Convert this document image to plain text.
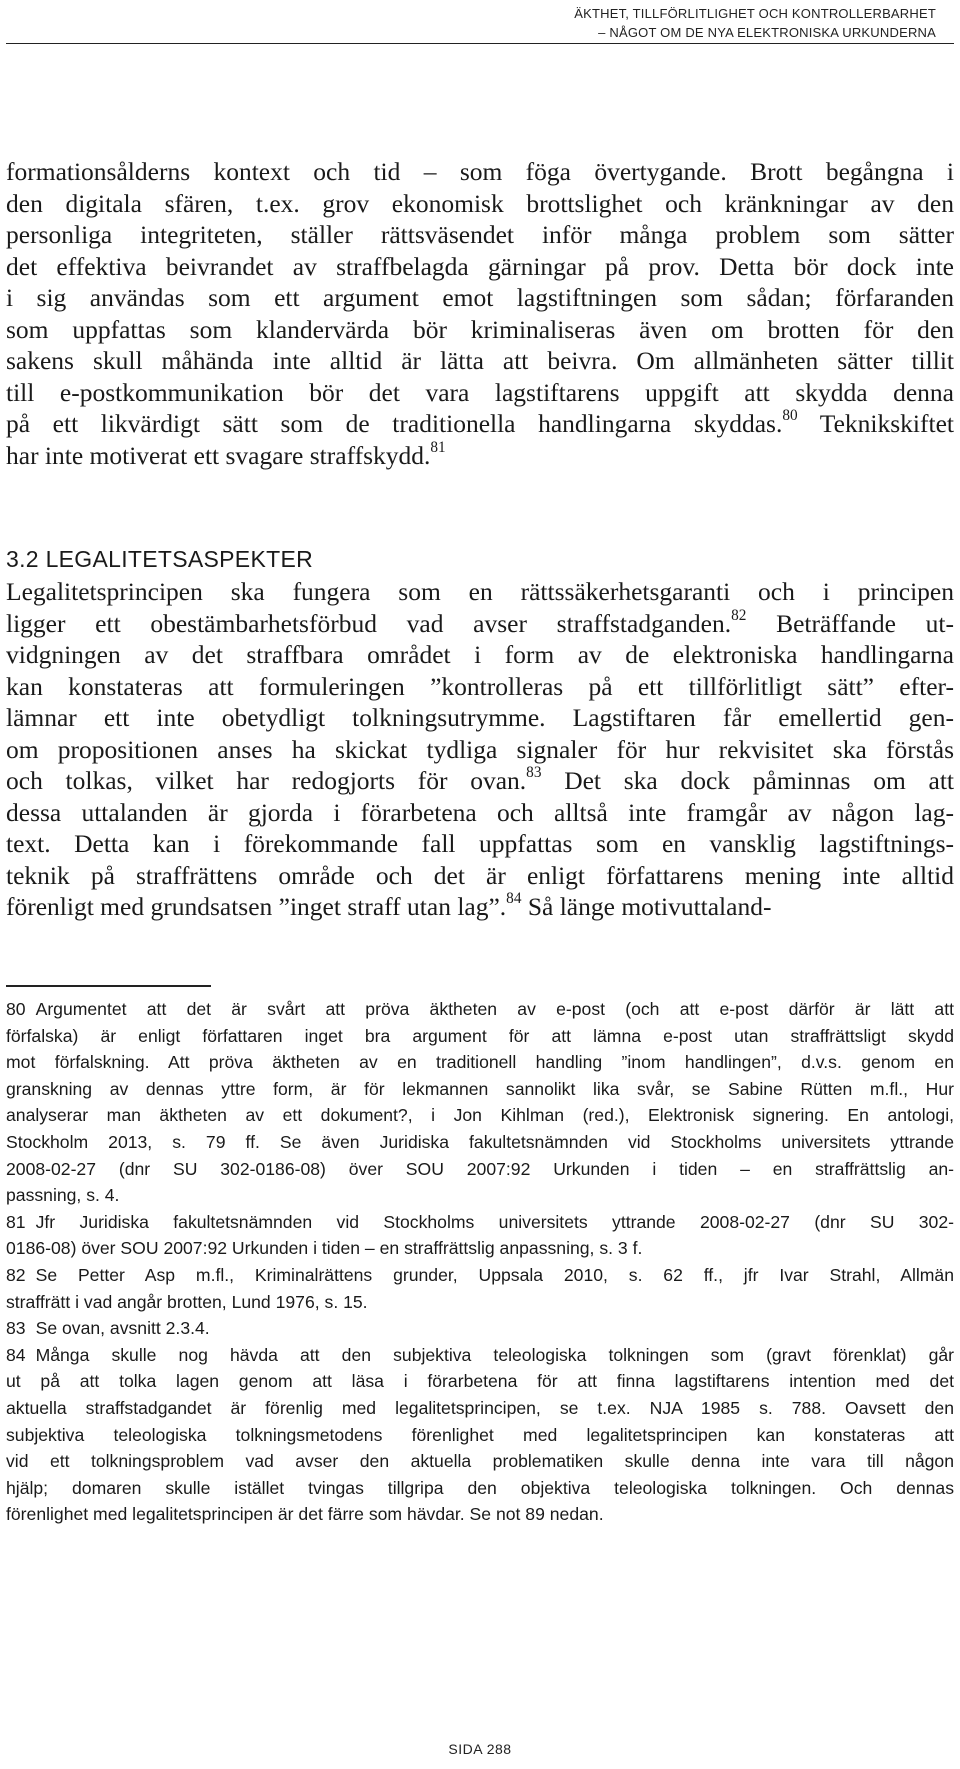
ÄKTHET, TILLFÖRLITLIGHET OCH KONTROLLERBARHET
– NÅGOT OM DE NYA ELEKTRONISKA URKUNDERNA
formationsålderns kontext och tid – som föga övertygande. Brott begångna i
den digitala sfären, t.ex. grov ekonomisk brottslighet och kränkningar av den
personliga integriteten, ställer rättsväsendet inför många problem som sätter
det effektiva beivrandet av straffbelagda gärningar på prov. Detta bör dock inte
i sig användas som ett argument emot lagstiftningen som sådan; förfaranden
som uppfattas som klandervärda bör kriminaliseras även om brotten för den
sakens skull måhända inte alltid är lätta att beivra. Om allmänheten sätter tillit
till e-postkommunikation bör det vara lagstiftarens uppgift att skydda denna
på ett likvärdigt sätt som de traditionella handlingarna skyddas.$^{80}$ Teknikskiftet
har inte motiverat ett svagare straffskydd.$^{81}$
3.2 LEGALITETSASPEKTER
Legalitetsprincipen ska fungera som en rättssäkerhetsgaranti och i principen
ligger ett obestämbarhetsförbud vad avser straffstadganden.$^{82}$ Beträffande ut-
vidgningen av det straffbara området i form av de elektroniska handlingarna
kan konstateras att formuleringen ”kontrolleras på ett tillförlitligt sätt” efter-
lämnar ett inte obetydligt tolkningsutrymme. Lagstiftaren får emellertid gen-
om propositionen anses ha skickat tydliga signaler för hur rekvisitet ska förstås
och tolkas, vilket har redogjorts för ovan.$^{83}$ Det ska dock påminnas om att
dessa uttalanden är gjorda i förarbetena och alltså inte framgår av någon lag-
text. Detta kan i förekommande fall uppfattas som en vansklig lagstiftnings-
teknik på straffrättens område och det är enligt författarens mening inte alltid
förenligt med grundsatsen ”inget straff utan lag”.$^{84}$ Så länge motivuttaland-
80 Argumentet att det är svårt att pröva äktheten av e-post (och att e-post därför är lätt att
förfalska) är enligt författaren inget bra argument för att lämna e-post utan straffrättsligt skydd
mot förfalskning. Att pröva äktheten av en traditionell handling ”inom handlingen”, d.v.s. genom en
granskning av dennas yttre form, är för lekmannen sannolikt lika svår, se Sabine Rütten m.fl., Hur
analyserar man äktheten av ett dokument?, i Jon Kihlman (red.), Elektronisk signering. En antologi,
Stockholm 2013, s. 79 ff. Se även Juridiska fakultetsnämnden vid Stockholms universitets yttrande
2008-02-27 (dnr SU 302-0186-08) över SOU 2007:92 Urkunden i tiden – en straffrättslig an-
passning, s. 4.
81 Jfr Juridiska fakultetsnämnden vid Stockholms universitets yttrande 2008-02-27 (dnr SU 302-
0186-08) över SOU 2007:92 Urkunden i tiden – en straffrättslig anpassning, s. 3 f.
82 Se Petter Asp m.fl., Kriminalrättens grunder, Uppsala 2010, s. 62 ff., jfr Ivar Strahl, Allmän
straffrätt i vad angår brotten, Lund 1976, s. 15.
83 Se ovan, avsnitt 2.3.4.
84 Många skulle nog hävda att den subjektiva teleologiska tolkningen som (gravt förenklat) går
ut på att tolka lagen genom att läsa i förarbetena för att finna lagstiftarens intention med det
aktuella straffstadgandet är förenlig med legalitetsprincipen, se t.ex. NJA 1985 s. 788. Oavsett den
subjektiva teleologiska tolkningsmetodens förenlighet med legalitetsprincipen kan konstateras att
vid ett tolkningsproblem vad avser den aktuella problematiken skulle denna inte vara till någon
hjälp; domaren skulle istället tvingas tillgripa den objektiva teleologiska tolkningen. Och dennas
förenlighet med legalitetsprincipen är det färre som hävdar. Se not 89 nedan.
SIDA 288
